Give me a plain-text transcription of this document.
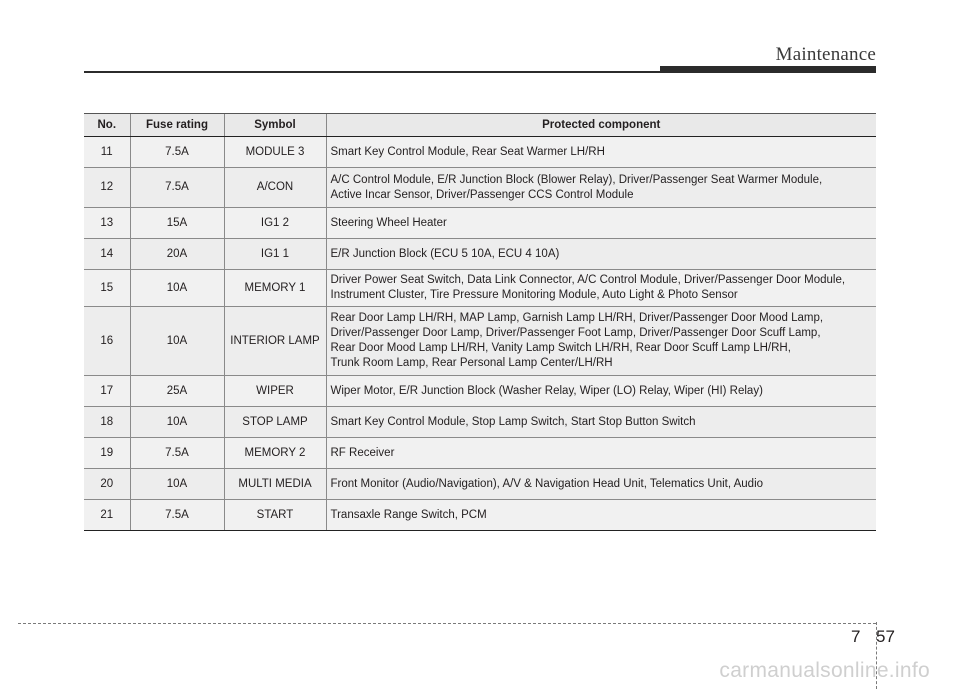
Maintenance
No.	Fuse rating	Symbol	Protected component
11	7.5A	MODULE 3	Smart Key Control Module, Rear Seat Warmer LH/RH
12	7.5A	A/CON	A/C Control Module, E/R Junction Block (Blower Relay), Driver/Passenger Seat Warmer Module,
Active Incar Sensor, Driver/Passenger CCS Control Module
13	15A	IG1 2	Steering Wheel Heater
14	20A	IG1 1	E/R Junction Block (ECU 5 10A, ECU 4 10A)
15	10A	MEMORY 1	Driver Power Seat Switch, Data Link Connector, A/C Control Module, Driver/Passenger Door Module,
Instrument Cluster, Tire Pressure Monitoring Module, Auto Light & Photo Sensor
16	10A	INTERIOR LAMP	Rear Door Lamp LH/RH, MAP Lamp, Garnish Lamp LH/RH, Driver/Passenger Door Mood Lamp,
Driver/Passenger Door Lamp, Driver/Passenger Foot Lamp, Driver/Passenger Door Scuff Lamp,
Rear Door Mood Lamp LH/RH, Vanity Lamp Switch LH/RH, Rear Door Scuff Lamp LH/RH,
Trunk Room Lamp, Rear Personal Lamp Center/LH/RH
17	25A	WIPER	Wiper Motor, E/R Junction Block (Washer Relay, Wiper (LO) Relay, Wiper (HI) Relay)
18	10A	STOP LAMP	Smart Key Control Module, Stop Lamp Switch, Start Stop Button Switch
19	7.5A	MEMORY 2	RF Receiver
20	10A	MULTI MEDIA	Front Monitor (Audio/Navigation), A/V & Navigation Head Unit, Telematics Unit, Audio
21	7.5A	START	Transaxle Range Switch, PCM
7 57
carmanualsonline.info
